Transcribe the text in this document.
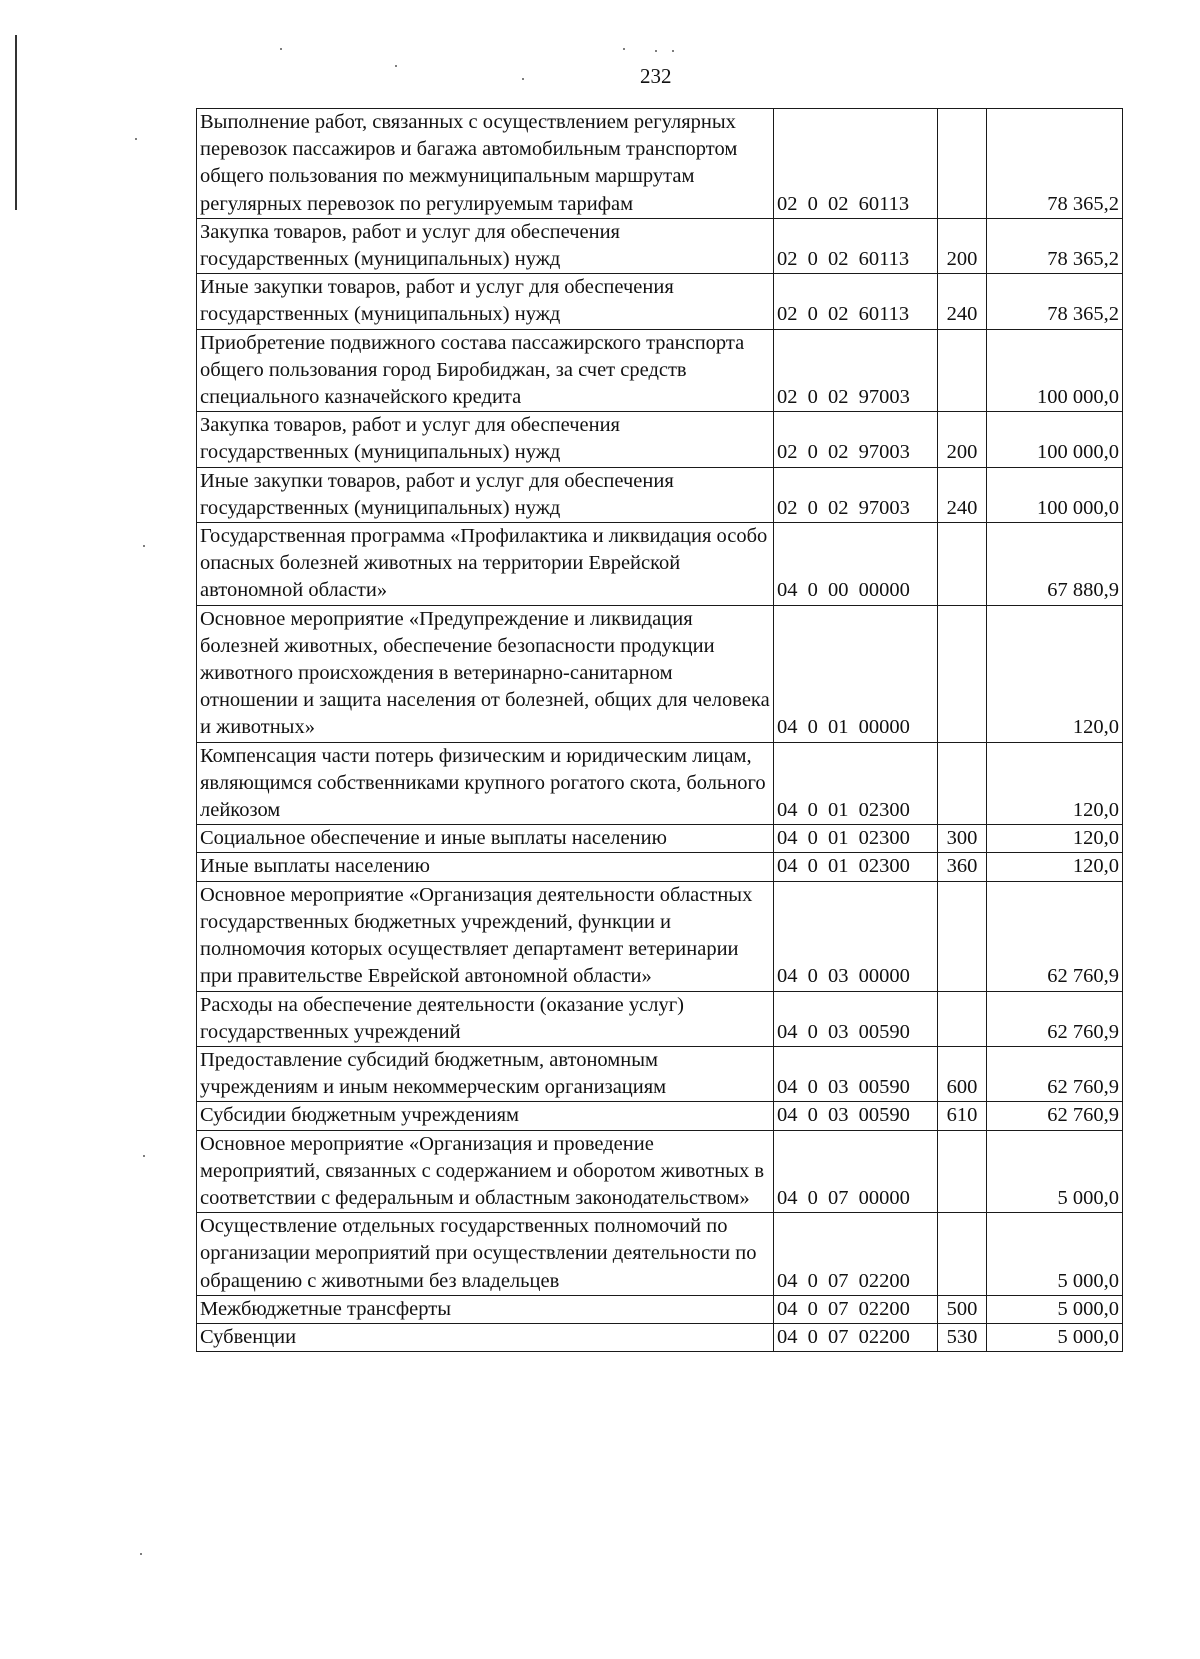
232
Выполнение работ, связанных с осуществлением регулярных перевозок пассажиров и багажа автомобильным транспортом общего пользования по межмуниципальным маршрутам регулярных перевозок по регулируемым тарифам	02 0 02 60113		78 365,2
Закупка товаров, работ и услуг для обеспечения государственных (муниципальных) нужд	02 0 02 60113	200	78 365,2
Иные закупки товаров, работ и услуг для обеспечения государственных (муниципальных) нужд	02 0 02 60113	240	78 365,2
Приобретение подвижного состава пассажирского транспорта общего пользования город Биробиджан, за счет средств специального казначейского кредита	02 0 02 97003		100 000,0
Закупка товаров, работ и услуг для обеспечения государственных (муниципальных) нужд	02 0 02 97003	200	100 000,0
Иные закупки товаров, работ и услуг для обеспечения государственных (муниципальных) нужд	02 0 02 97003	240	100 000,0
Государственная программа «Профилактика и ликвидация особо опасных болезней животных на территории Еврейской автономной области»	04 0 00 00000		67 880,9
Основное мероприятие «Предупреждение и ликвидация болезней животных, обеспечение безопасности продукции животного происхождения в ветеринарно-санитарном отношении и защита населения от болезней, общих для человека и животных»	04 0 01 00000		120,0
Компенсация части потерь физическим и юридическим лицам, являющимся собственниками крупного рогатого скота, больного лейкозом	04 0 01 02300		120,0
Социальное обеспечение и иные выплаты населению	04 0 01 02300	300	120,0
Иные выплаты населению	04 0 01 02300	360	120,0
Основное мероприятие «Организация деятельности областных государственных бюджетных учреждений, функции и полномочия которых осуществляет департамент ветеринарии при правительстве Еврейской автономной области»	04 0 03 00000		62 760,9
Расходы на обеспечение деятельности (оказание услуг) государственных учреждений	04 0 03 00590		62 760,9
Предоставление субсидий бюджетным, автономным учреждениям и иным некоммерческим организациям	04 0 03 00590	600	62 760,9
Субсидии бюджетным учреждениям	04 0 03 00590	610	62 760,9
Основное мероприятие «Организация и проведение мероприятий, связанных с содержанием и оборотом животных в соответствии с федеральным и областным законодательством»	04 0 07 00000		5 000,0
Осуществление отдельных государственных полномочий по организации мероприятий при осуществлении деятельности по обращению с животными без владельцев	04 0 07 02200		5 000,0
Межбюджетные трансферты	04 0 07 02200	500	5 000,0
Субвенции	04 0 07 02200	530	5 000,0
